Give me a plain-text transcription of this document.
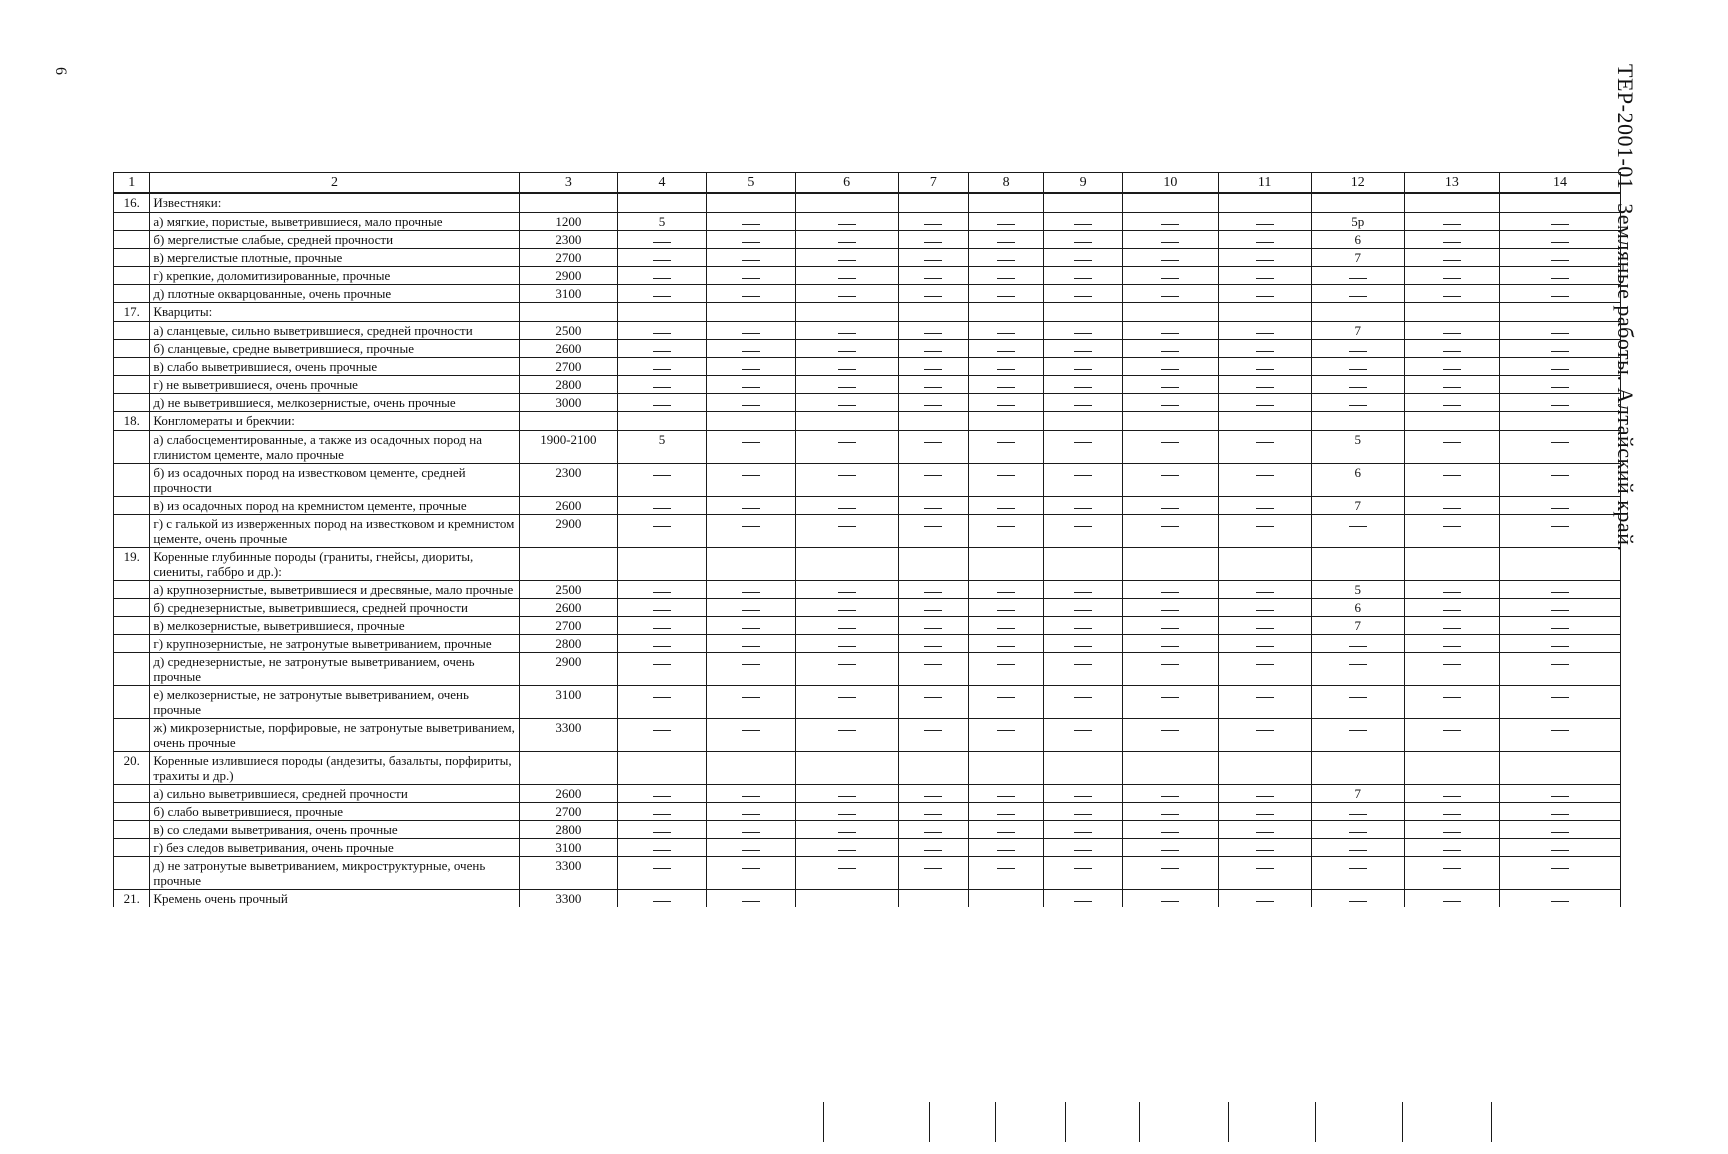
6	ТЕР-2001-01Земляные работы. Алтайский край.
1	2	3	4	5	6	7	8	9	10	11	12	13	14
16.	Известняки:												
	а) мягкие, пористые, выветрившиеся, мало прочные	1200	5								5р		
	б) мергелистые слабые, средней прочности	2300									6		
	в) мергелистые плотные, прочные	2700									7		
	г) крепкие, доломитизированные, прочные	2900											
	д) плотные окварцованные, очень прочные	3100											
17.	Кварциты:												
	а) сланцевые, сильно выветрившиеся, средней прочности	2500									7		
	б) сланцевые, средне выветрившиеся, прочные	2600											
	в) слабо выветрившиеся, очень прочные	2700											
	г) не выветрившиеся, очень прочные	2800											
	д) не выветрившиеся, мелкозернистые, очень прочные	3000											
18.	Конгломераты и брекчии:												
	а) слабосцементированные, а также из осадочных пород на глинистом цементе, мало прочные	1900-2100	5								5		
	б) из осадочных пород на известковом цементе, средней прочности	2300									6		
	в) из осадочных пород на кремнистом цементе, прочные	2600									7		
	г) с галькой из изверженных пород на известковом и кремнистом цементе, очень прочные	2900											
19.	Коренные глубинные породы (граниты, гнейсы, диориты, сиениты, габбро и др.):												
	а) крупнозернистые, выветрившиеся и дресвяные, мало прочные	2500									5		
	б) среднезернистые, выветрившиеся, средней прочности	2600									6		
	в) мелкозернистые, выветрившиеся, прочные	2700									7		
	г) крупнозернистые, не затронутые выветриванием, прочные	2800											
	д) среднезернистые, не затронутые выветриванием, очень прочные	2900											
	е) мелкозернистые, не затронутые выветриванием, очень прочные	3100											
	ж) микрозернистые, порфировые, не затронутые выветриванием, очень прочные	3300											
20.	Коренные излившиеся породы (андезиты, базальты, порфириты, трахиты и др.)												
	а) сильно выветрившиеся, средней прочности	2600									7		
	б) слабо выветрившиеся, прочные	2700											
	в) со следами выветривания, очень прочные	2800											
	г) без следов выветривания, очень прочные	3100											
	д) не затронутые выветриванием, микроструктурные, очень прочные	3300											
21.	Кремень очень прочный	3300											
